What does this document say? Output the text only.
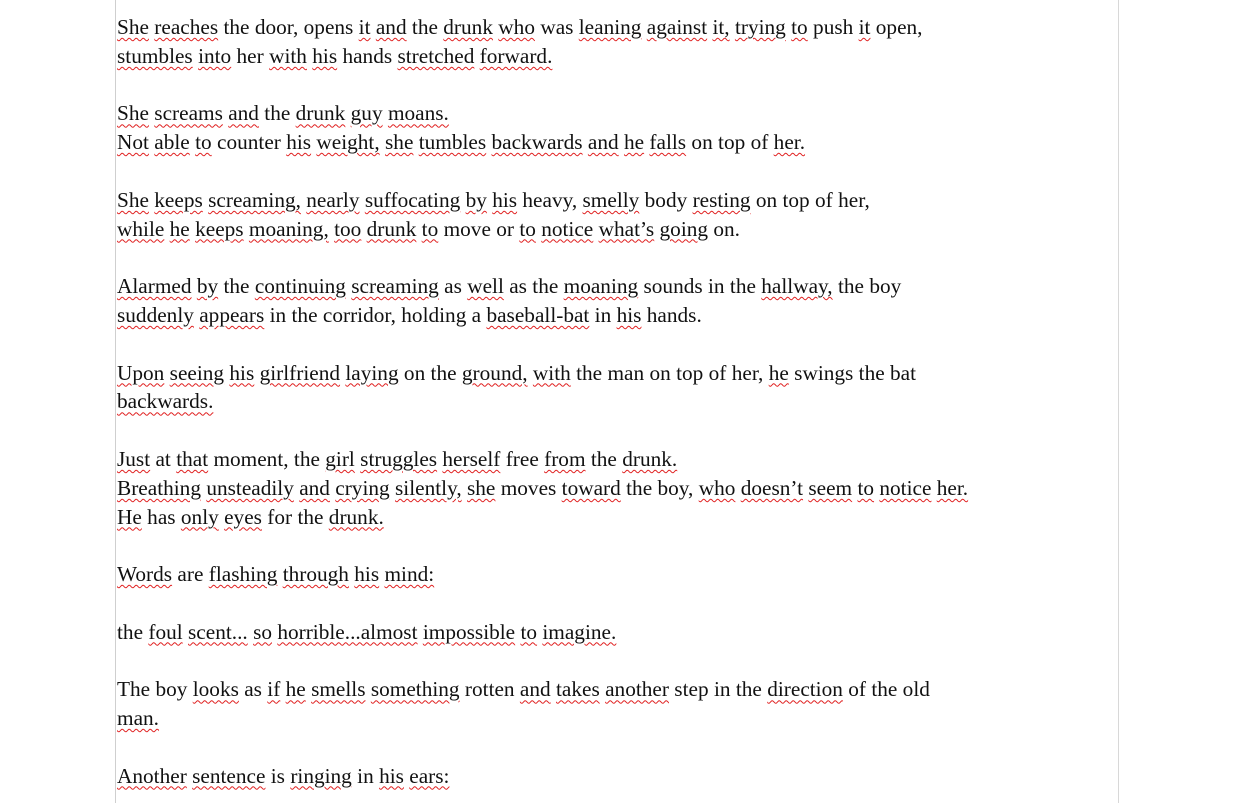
She reaches the door, opens it and the drunk who was leaning against it, trying to push it open,
stumbles into her with his hands stretched forward.
She screams and the drunk guy moans.
Not able to counter his weight, she tumbles backwards and he falls on top of her.
She keeps screaming, nearly suffocating by his heavy, smelly body resting on top of her,
while he keeps moaning, too drunk to move or to notice what’s going on.
Alarmed by the continuing screaming as well as the moaning sounds in the hallway, the boy
suddenly appears in the corridor, holding a baseball-bat in his hands.
Upon seeing his girlfriend laying on the ground, with the man on top of her, he swings the bat
backwards.
Just at that moment, the girl struggles herself free from the drunk.
Breathing unsteadily and crying silently, she moves toward the boy, who doesn’t seem to notice her.
He has only eyes for the drunk.
Words are flashing through his mind:
the foul scent... so horrible...almost impossible to imagine.
The boy looks as if he smells something rotten and takes another step in the direction of the old
man.
Another sentence is ringing in his ears:
